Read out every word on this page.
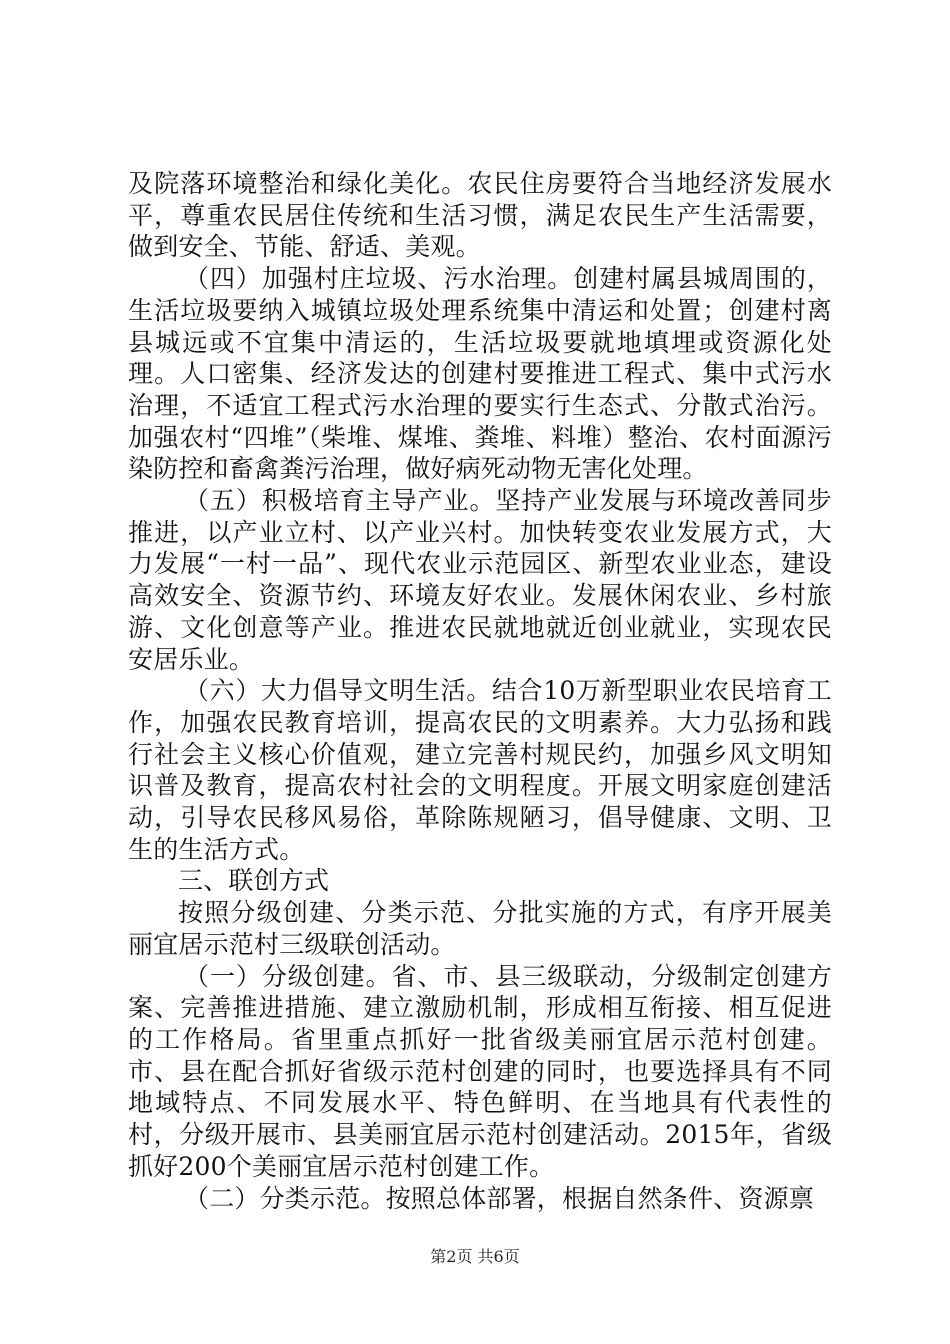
及院落环境整治和绿化美化。农民住房要符合当地经济发展水平，尊重农民居住传统和生活习惯，满足农民生产生活需要，做到安全、节能、舒适、美观。

（四）加强村庄垃圾、污水治理。创建村属县城周围的，生活垃圾要纳入城镇垃圾处理系统集中清运和处置；创建村离县城远或不宜集中清运的，生活垃圾要就地填埋或资源化处理。人口密集、经济发达的创建村要推进工程式、集中式污水治理，不适宜工程式污水治理的要实行生态式、分散式治污。加强农村“四堆”（柴堆、煤堆、粪堆、料堆）整治、农村面源污染防控和畜禽粪污治理，做好病死动物无害化处理。

（五）积极培育主导产业。坚持产业发展与环境改善同步推进，以产业立村、以产业兴村。加快转变农业发展方式，大力发展“一村一品”、现代农业示范园区、新型农业业态，建设高效安全、资源节约、环境友好农业。发展休闲农业、乡村旅游、文化创意等产业。推进农民就地就近创业就业，实现农民安居乐业。

（六）大力倡导文明生活。结合10万新型职业农民培育工作，加强农民教育培训，提高农民的文明素养。大力弘扬和践行社会主义核心价值观，建立完善村规民约，加强乡风文明知识普及教育，提高农村社会的文明程度。开展文明家庭创建活动，引导农民移风易俗，革除陈规陋习，倡导健康、文明、卫生的生活方式。

三、联创方式

按照分级创建、分类示范、分批实施的方式，有序开展美丽宜居示范村三级联创活动。

（一）分级创建。省、市、县三级联动，分级制定创建方案、完善推进措施、建立激励机制，形成相互衔接、相互促进的工作格局。省里重点抓好一批省级美丽宜居示范村创建。市、县在配合抓好省级示范村创建的同时，也要选择具有不同地域特点、不同发展水平、特色鲜明、在当地具有代表性的村，分级开展市、县美丽宜居示范村创建活动。2015年，省级抓好200个美丽宜居示范村创建工作。

（二）分类示范。按照总体部署，根据自然条件、资源禀

第2页 共6页
